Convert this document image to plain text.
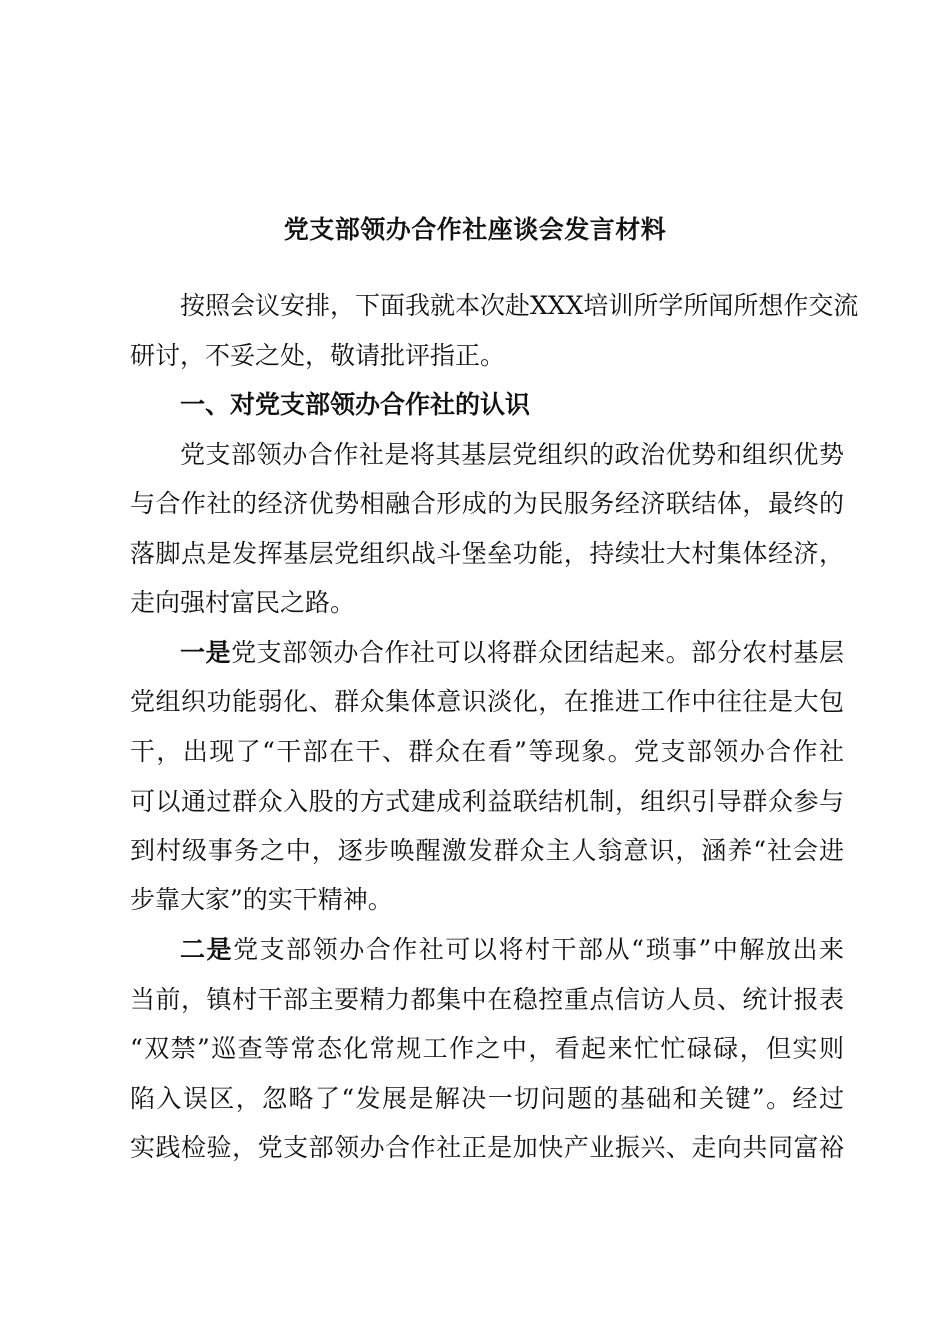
党支部领办合作社座谈会发言材料
按照会议安排，下面我就本次赴XXX培训所学所闻所想作交流
研讨，不妥之处，敬请批评指正。
一、对党支部领办合作社的认识
党支部领办合作社是将其基层党组织的政治优势和组织优势
与合作社的经济优势相融合形成的为民服务经济联结体，最终的
落脚点是发挥基层党组织战斗堡垒功能，持续壮大村集体经济，
走向强村富民之路。
一是党支部领办合作社可以将群众团结起来。部分农村基层
党组织功能弱化、群众集体意识淡化，在推进工作中往往是大包
干，出现了“干部在干、群众在看”等现象。党支部领办合作社
可以通过群众入股的方式建成利益联结机制，组织引导群众参与
到村级事务之中，逐步唤醒激发群众主人翁意识，涵养“社会进
步靠大家”的实干精神。
二是党支部领办合作社可以将村干部从“琐事”中解放出来
当前，镇村干部主要精力都集中在稳控重点信访人员、统计报表
“双禁”巡查等常态化常规工作之中，看起来忙忙碌碌，但实则
陷入误区，忽略了“发展是解决一切问题的基础和关键”。经过
实践检验，党支部领办合作社正是加快产业振兴、走向共同富裕
